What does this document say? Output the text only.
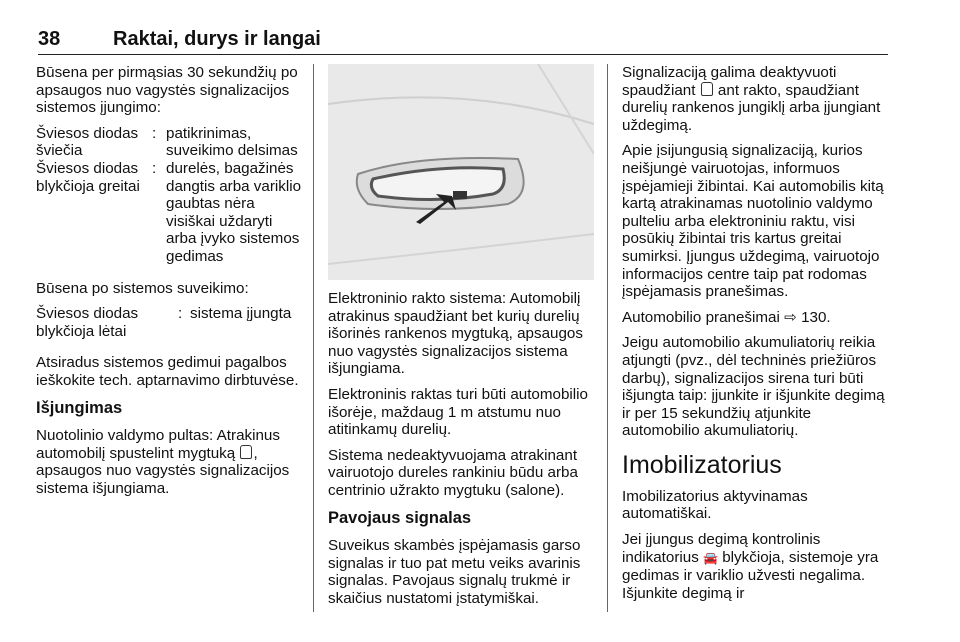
38	Raktai, durys ir langai

Būsena per pirmąsias 30 sekundžių po apsaugos nuo vagystės signalizacijos sistemos įjungimo:

Šviesos diodas šviečia
: patikrinimas, suveikimo delsimas
Šviesos diodas blykčioja greitai
: durelės, bagažinės dangtis arba variklio gaubtas nėra visiškai uždaryti arba įvyko sistemos gedimas

Būsena po sistemos suveikimo:

Šviesos diodas blykčioja lėtai
: sistema įjungta

Atsiradus sistemos gedimui pagalbos ieškokite tech. aptarnavimo dirbtuvėse.

Išjungimas

Nuotolinio valdymo pultas: Atrakinus automobilį spustelint mygtuką , apsaugos nuo vagystės signalizacijos sistema išjungiama.

Elektroninio rakto sistema: Automobilį atrakinus spaudžiant bet kurių durelių išorinės rankenos mygtuką, apsaugos nuo vagystės signalizacijos sistema išjungiama.

Elektroninis raktas turi būti automobilio išorėje, maždaug 1 m atstumu nuo atitinkamų durelių.

Sistema nedeaktyvuojama atrakinant vairuotojo dureles rankiniu būdu arba centrinio užrakto mygtuku (salone).

Pavojaus signalas

Suveikus skambės įspėjamasis garso signalas ir tuo pat metu veiks avarinis signalas. Pavojaus signalų trukmė ir skaičius nustatomi įstatymiškai.

Signalizaciją galima deaktyvuoti spaudžiant  ant rakto, spaudžiant durelių rankenos jungiklį arba įjungiant uždegimą.

Apie įsijungusią signalizaciją, kurios neišjungė vairuotojas, informuos įspėjamieji žibintai. Kai automobilis kitą kartą atrakinamas nuotolinio valdymo pulteliu arba elektroniniu raktu, visi posūkių žibintai tris kartus greitai sumirksi. Įjungus uždegimą, vairuotojo informacijos centre taip pat rodomas įspėjamasis pranešimas.

Automobilio pranešimai ⇨ 130.

Jeigu automobilio akumuliatorių reikia atjungti (pvz., dėl techninės priežiūros darbų), signalizacijos sirena turi būti išjungta taip: įjunkite ir išjunkite degimą ir per 15 sekundžių atjunkite automobilio akumuliatorių.

Imobilizatorius

Imobilizatorius aktyvinamas automatiškai.

Jei įjungus degimą kontrolinis indikatorius 🚘 blykčioja, sistemoje yra gedimas ir variklio užvesti negalima. Išjunkite degimą ir
